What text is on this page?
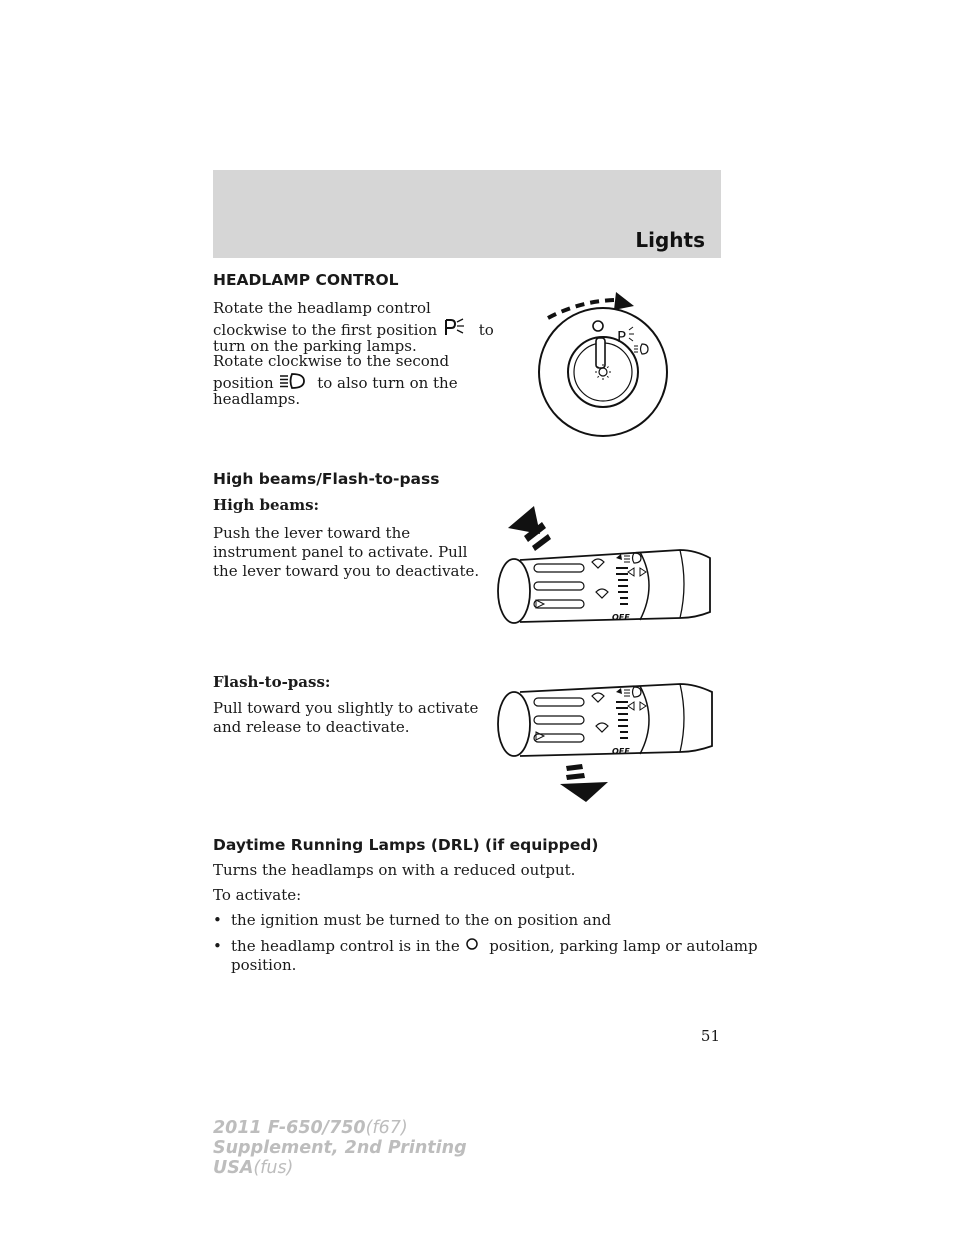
Lights
HEADLAMP CONTROL
Rotate the headlamp control
clockwise to the first position	to
turn on the parking lamps.
Rotate clockwise to the second
position	to also turn on the
headlamps.
P
High beams/Flash-to-pass
High beams:
Push the lever toward the
instrument panel to activate. Pull
the lever toward you to deactivate.
OFF
Flash-to-pass:
Pull toward you slightly to activate
and release to deactivate.
OFF
Daytime Running Lamps (DRL) (if equipped)
Turns the headlamps on with a reduced output.
To activate:
• the ignition must be turned to the on position and
• the headlamp control is in the position, parking lamp or autolamp
position.
51
2011 F-650/750(f67)
Supplement, 2nd Printing
USA(fus)
